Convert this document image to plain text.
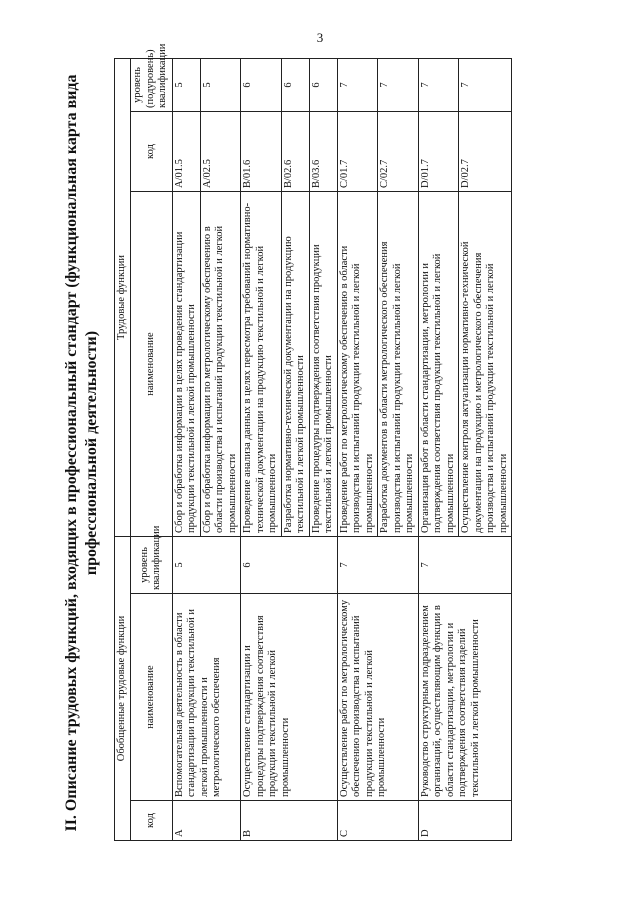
3
II. Описание трудовых функций, входящих в профессиональный стандарт (функциональная карта вида профессиональной деятельности)
Обобщенные трудовые функции			Трудовые функции		
код	наименование	уровень квалификации	наименование	код	уровень (подуровень) квалификации
A	Вспомогательная деятельность в области стандартизации продукции текстильной и легкой промышленности и метрологического обеспечения	5	Сбор и обработка информации в целях проведения стандартизации продукции текстильной и легкой промышленности	A/01.5	5
			Сбор и обработка информации по метрологическому обеспечению в области производства и испытаний продукции текстильной и легкой промышленности	A/02.5	5
B	Осуществление стандартизации и процедуры подтверждения соответствия продукции текстильной и легкой промышленности	6	Проведение анализа данных в целях пересмотра требований нормативно-технической документации на продукцию текстильной и легкой промышленности	B/01.6	6
			Разработка нормативно-технической документации на продукцию текстильной и легкой промышленности	B/02.6	6
			Проведение процедуры подтверждения соответствия продукции текстильной и легкой промышленности	B/03.6	6
C	Осуществление работ по метрологическому обеспечению производства и испытаний продукции текстильной и легкой промышленности	7	Проведение работ по метрологическому обеспечению в области производства и испытаний продукции текстильной и легкой промышленности	C/01.7	7
			Разработка документов в области метрологического обеспечения производства и испытаний продукции текстильной и легкой промышленности	C/02.7	7
D	Руководство структурным подразделением организаций, осуществляющим функции в области стандартизации, метрологии и подтверждения соответствия изделий текстильной и легкой промышленности	7	Организация работ в области стандартизации, метрологии и подтверждения соответствия продукции текстильной и легкой промышленности	D/01.7	7
			Осуществление контроля актуализации нормативно-технической документации на продукцию и метрологического обеспечения производства и испытаний продукции текстильной и легкой промышленности	D/02.7	7
